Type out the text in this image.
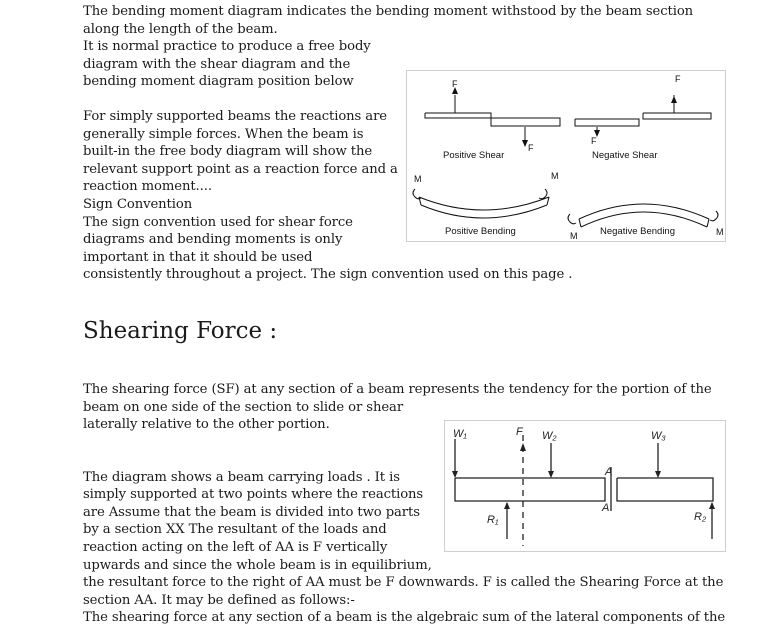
The bending moment diagram indicates the bending moment withstood by the beam section
along the length of the beam.
It is normal practice to produce a free body
diagram with the shear diagram and the
bending moment diagram position below
For simply supported beams the reactions are
generally simple forces. When the beam is
built-in the free body diagram will show the
relevant support point as a reaction force and a
reaction moment....
Sign Convention
The sign convention used for shear force
diagrams and bending moments is only
important in that it should be used
consistently throughout a project. The sign convention used on this page .
F
F
F
F
Positive Shear	Negative Shear
M	M
M	M
Positive Bending	Negative Bending
Shearing Force :
The shearing force (SF) at any section of a beam represents the tendency for the portion of the
beam on one side of the section to slide or shear
laterally relative to the other portion.
The diagram shows a beam carrying loads . It is
simply supported at two points where the reactions
are Assume that the beam is divided into two parts
by a section XX The resultant of the loads and
reaction acting on the left of AA is F vertically
upwards and since the whole beam is in equilibrium,
the resultant force to the right of AA must be F downwards. F is called the Shearing Force at the
section AA. It may be defined as follows:-
The shearing force at any section of a beam is the algebraic sum of the lateral components of the
W₁	F W₂	W₃
A
A
R₁	R₂
